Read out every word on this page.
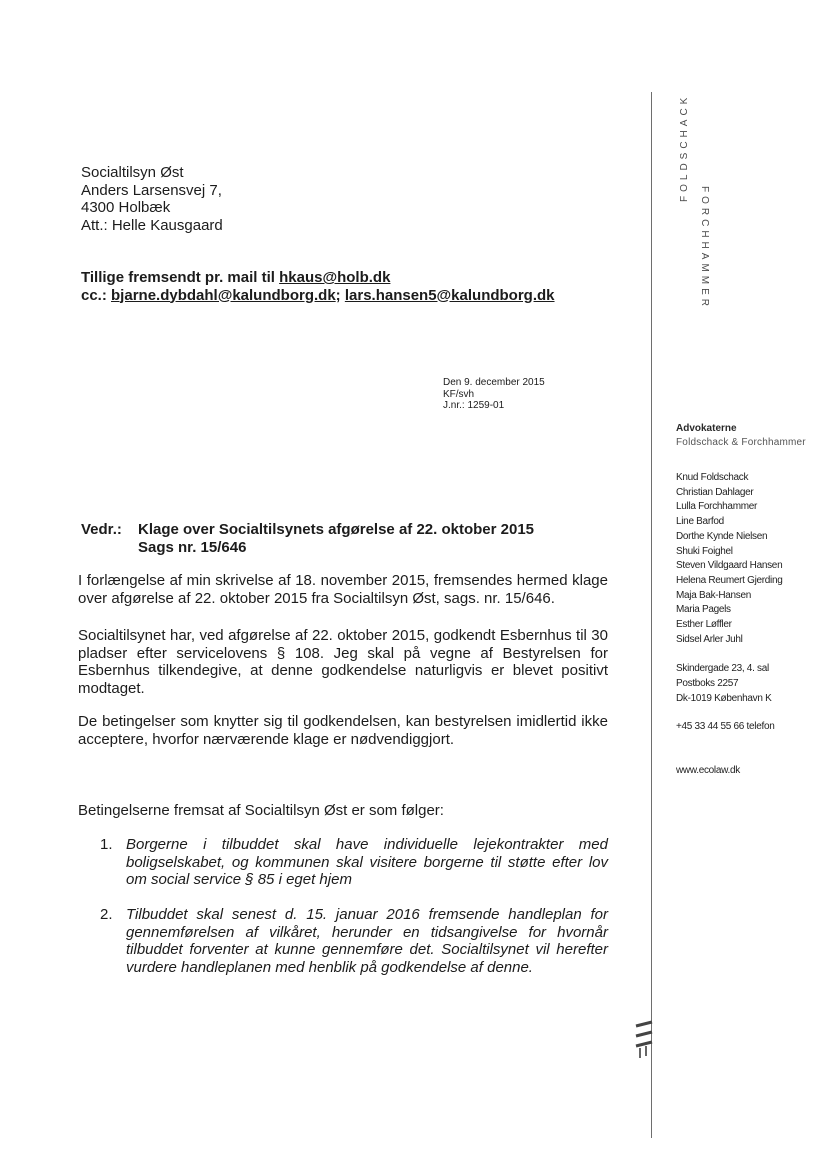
Socialtilsyn Øst
Anders Larsensvej 7,
4300 Holbæk
Att.: Helle Kausgaard
Tillige fremsendt pr. mail til hkaus@holb.dk
cc.: bjarne.dybdahl@kalundborg.dk; lars.hansen5@kalundborg.dk
Den 9. december 2015
KF/svh
J.nr.: 1259-01
Vedr.: Klage over Socialtilsynets afgørelse af 22. oktober 2015
Sags nr. 15/646
I forlængelse af min skrivelse af 18. november 2015, fremsendes hermed klage over afgørelse af 22. oktober 2015 fra Socialtilsyn Øst, sags. nr. 15/646.
Socialtilsynet har, ved afgørelse af 22. oktober 2015, godkendt Esbernhus til 30 pladser efter servicelovens § 108. Jeg skal på vegne af Bestyrelsen for Esbernhus tilkendegive, at denne godkendelse naturligvis er blevet positivt modtaget.
De betingelser som knytter sig til godkendelsen, kan bestyrelsen imidlertid ikke acceptere, hvorfor nærværende klage er nødvendiggjort.
Betingelserne fremsat af Socialtilsyn Øst er som følger:
1. Borgerne i tilbuddet skal have individuelle lejekontrakter med boligselskabet, og kommunen skal visitere borgerne til støtte efter lov om social service § 85 i eget hjem
2. Tilbuddet skal senest d. 15. januar 2016 fremsende handleplan for gennemførelsen af vilkåret, herunder en tidsangivelse for hvornår tilbuddet forventer at kunne gennemføre det. Socialtilsynet vil herefter vurdere handleplanen med henblik på godkendelse af denne.
FOLDSCHACK
FORCHHAMMER
Advokaterne
Foldschack & Forchhammer
Knud Foldschack
Christian Dahlager
Lulla Forchhammer
Line Barfod
Dorthe Kynde Nielsen
Shuki Foighel
Steven Vildgaard Hansen
Helena Reumert Gjerding
Maja Bak-Hansen
Maria Pagels
Esther Løffler
Sidsel Arler Juhl
Skindergade 23, 4. sal
Postboks 2257
Dk-1019 København K
+45 33 44 55 66 telefon
www.ecolaw.dk
